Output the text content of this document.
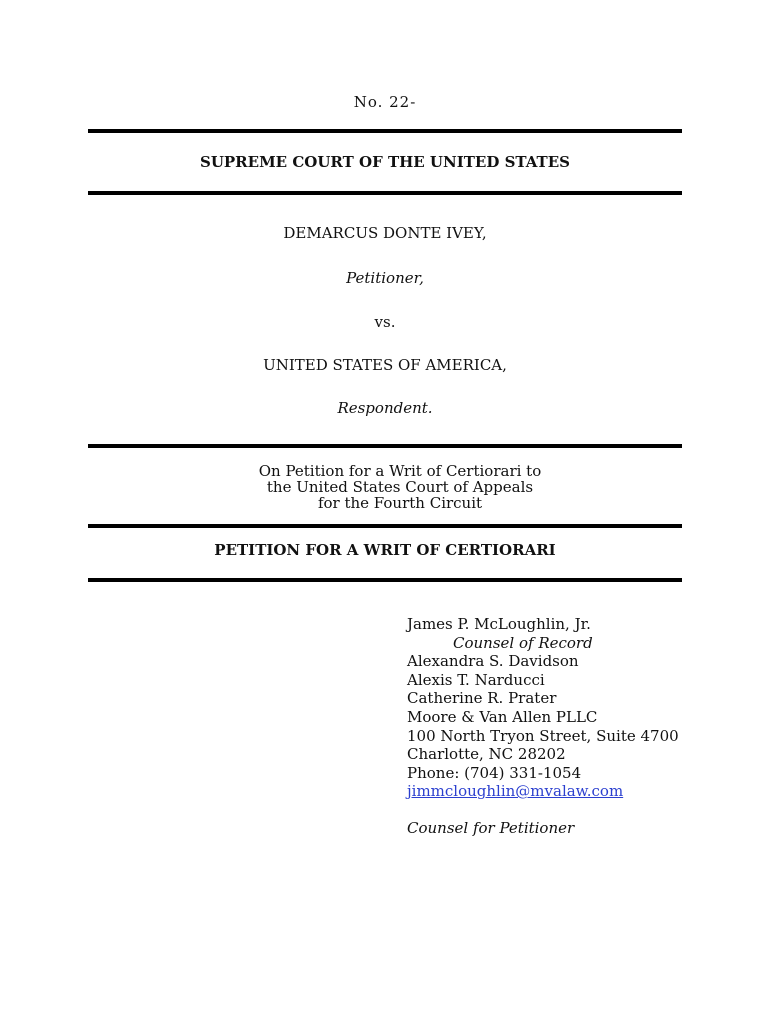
No. 22-
SUPREME COURT OF THE UNITED STATES
DEMARCUS DONTE IVEY,
Petitioner,
vs.
UNITED STATES OF AMERICA,
Respondent.
On Petition for a Writ of Certiorari to
the United States Court of Appeals
for the Fourth Circuit
PETITION FOR A WRIT OF CERTIORARI
James P. McLoughlin, Jr.
Counsel of Record
Alexandra S. Davidson
Alexis T. Narducci
Catherine R. Prater
Moore & Van Allen PLLC
100 North Tryon Street, Suite 4700
Charlotte, NC 28202
Phone: (704) 331-1054
jimmcloughlin@mvalaw.com
Counsel for Petitioner
